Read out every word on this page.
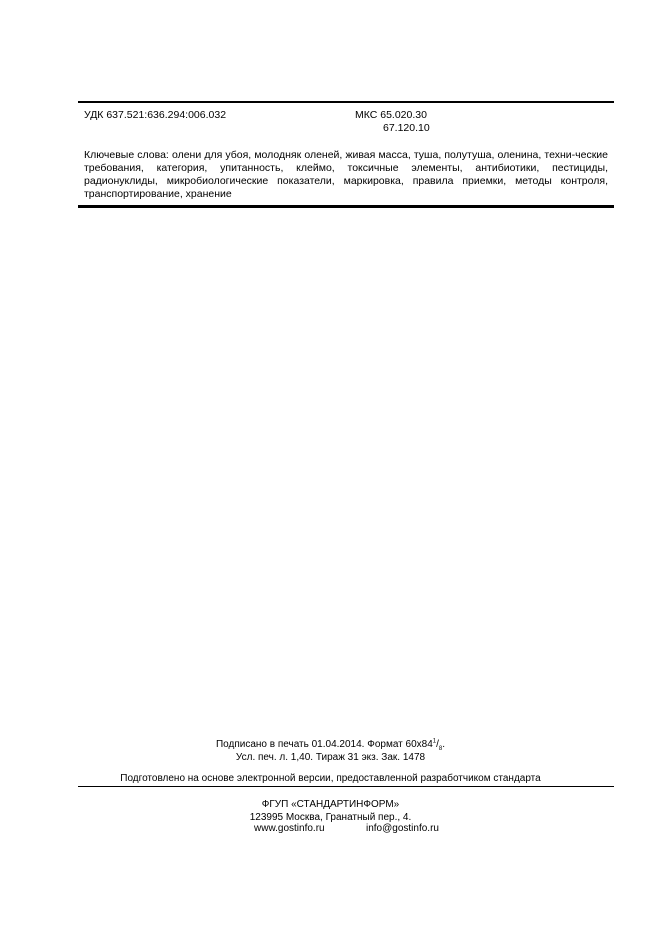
УДК 637.521:636.294:006.032	МКС 65.020.30
67.120.10
Ключевые слова: олени для убоя, молодняк оленей, живая масса, туша, полутуша, оленина, техни-ческие требования, категория, упитанность, клеймо, токсичные элементы, антибиотики, пестициды, радионуклиды, микробиологические показатели, маркировка, правила приемки, методы контроля, транспортирование, хранение
Подписано в печать 01.04.2014. Формат $60x84^1/_8$.
Усл. печ. л. 1,40. Тираж 31 экз. Зак. 1478
Подготовлено на основе электронной версии, предоставленной разработчиком стандарта
ФГУП «СТАНДАРТИНФОРМ»
123995 Москва, Гранатный пер., 4.
www.gostinfo.ru	info@gostinfo.ru
